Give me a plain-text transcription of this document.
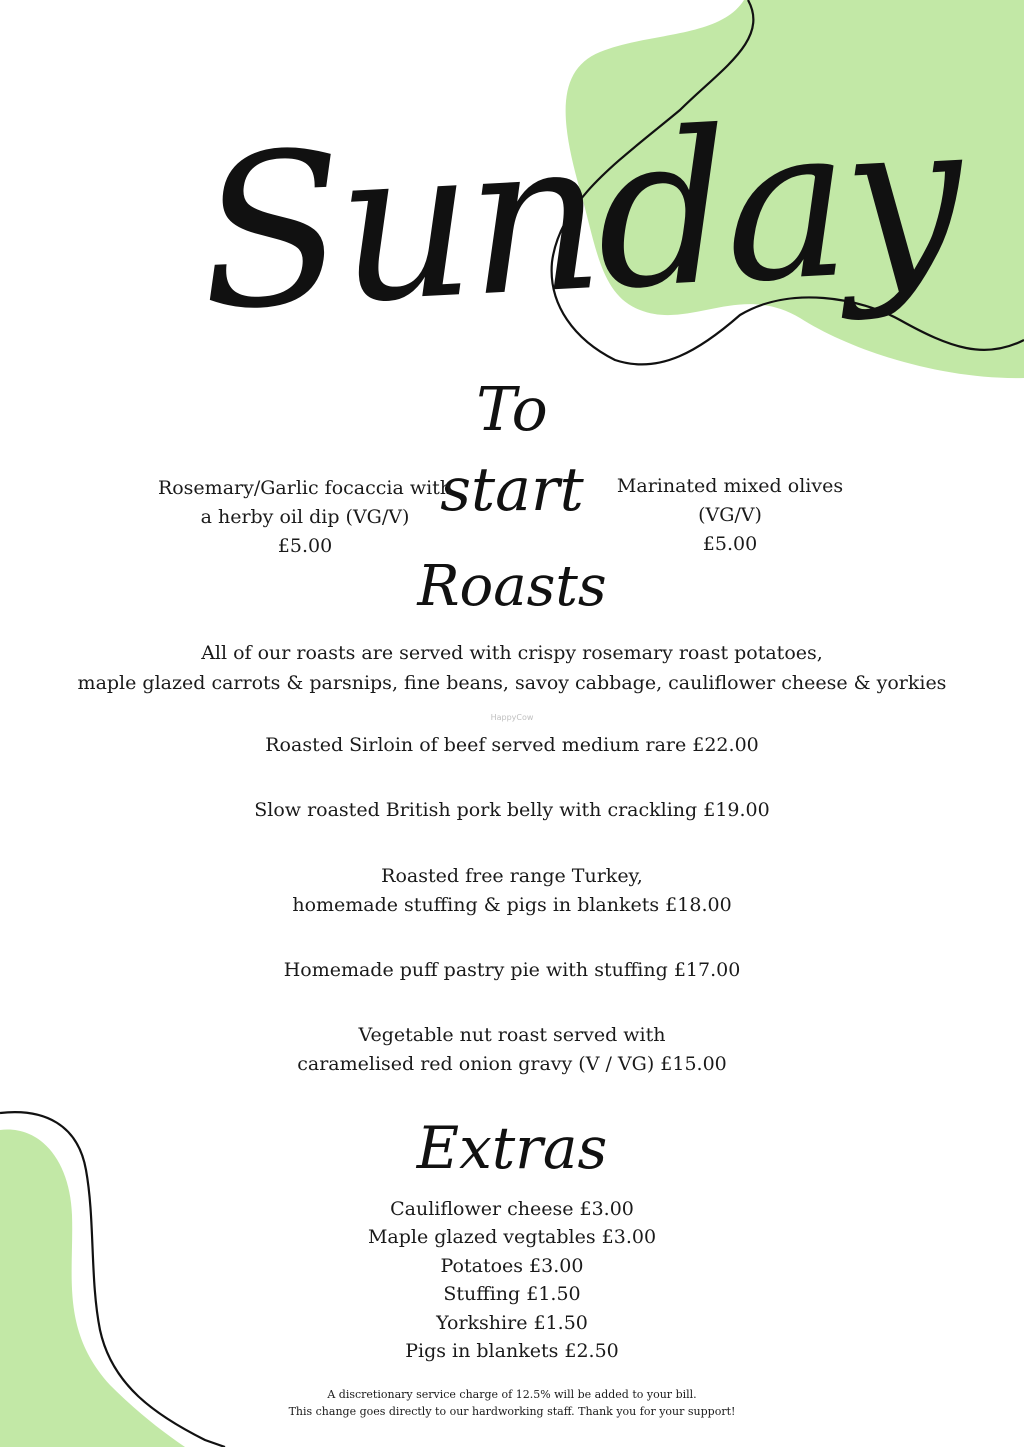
Sunday
To start
Rosemary/Garlic focaccia with
a herby oil dip (VG/V)
£5.00
Marinated mixed olives
(VG/V)
£5.00
Roasts
All of our roasts are served with crispy rosemary roast potatoes,
maple glazed carrots & parsnips, fine beans, savoy cabbage, cauliflower cheese & yorkies
HappyCow
Roasted Sirloin of beef served medium rare £22.00
Slow roasted British pork belly with crackling £19.00
Roasted free range Turkey,
homemade stuffing & pigs in blankets £18.00
Homemade puff pastry pie with stuffing £17.00
Vegetable nut roast served with
caramelised red onion gravy (V / VG) £15.00
Extras
Cauliflower cheese £3.00
Maple glazed vegtables £3.00
Potatoes £3.00
Stuffing £1.50
Yorkshire £1.50
Pigs in blankets £2.50
A discretionary service charge of 12.5% will be added to your bill.
This change goes directly to our hardworking staff. Thank you for your support!
